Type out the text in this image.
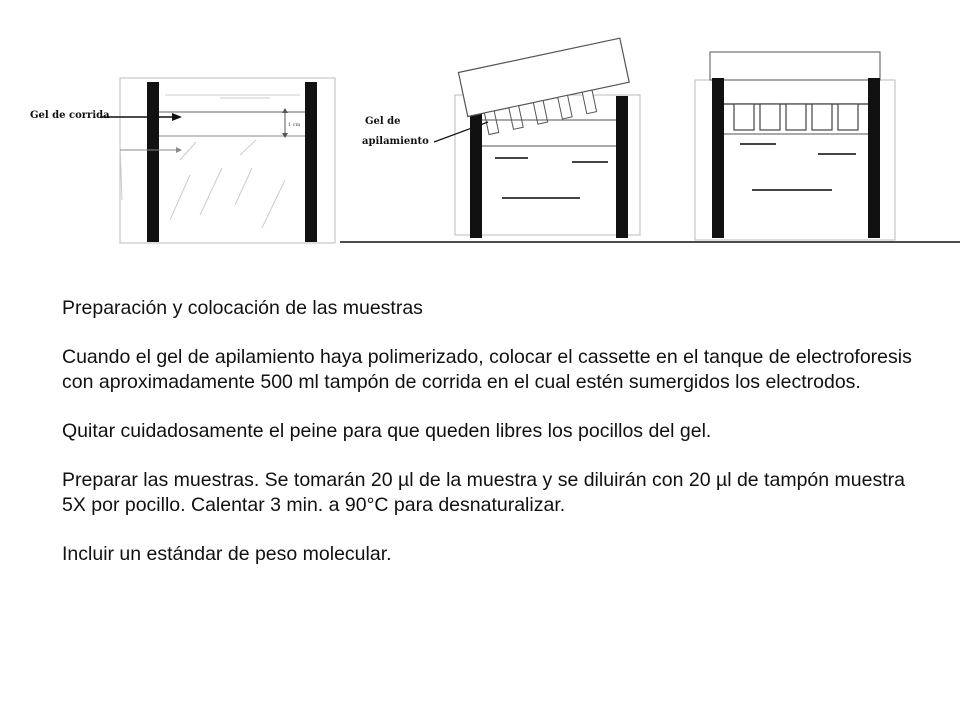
1 cm
Gel de corrida
Gel de
apilamiento

Preparación y colocación de las muestras

Cuando el gel de apilamiento haya polimerizado, colocar el cassette en el tanque de electroforesis con aproximadamente 500 ml tampón de corrida en el cual estén sumergidos los electrodos.

Quitar cuidadosamente el peine para que queden libres los pocillos del gel.

Preparar las muestras. Se tomarán 20 µl de la muestra y se diluirán con 20 µl de tampón muestra 5X por pocillo. Calentar 3 min. a 90°C para desnaturalizar.

Incluir un estándar de peso molecular.
